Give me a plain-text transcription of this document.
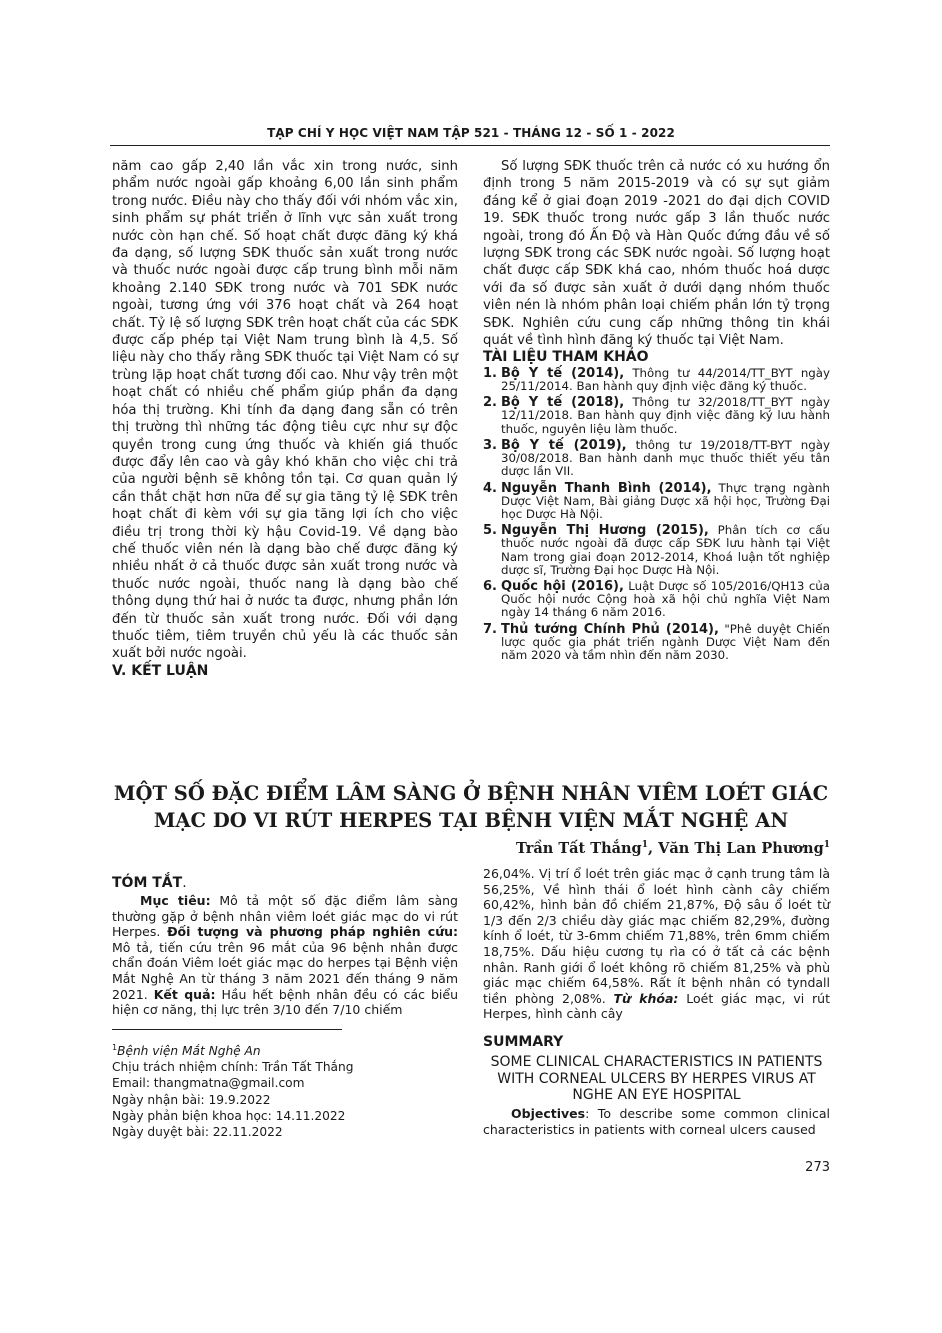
TẠP CHÍ Y HỌC VIỆT NAM TẬP 521 - THÁNG 12 - SỐ 1 - 2022

năm cao gấp 2,40 lần vắc xin trong nước, sinh phẩm nước ngoài gấp khoảng 6,00 lần sinh phẩm trong nước. Điều này cho thấy đối với nhóm vắc xin, sinh phẩm sự phát triển ở lĩnh vực sản xuất trong nước còn hạn chế. Số hoạt chất được đăng ký khá đa dạng, số lượng SĐK thuốc sản xuất trong nước và thuốc nước ngoài được cấp trung bình mỗi năm khoảng 2.140 SĐK trong nước và 701 SĐK nước ngoài, tương ứng với 376 hoạt chất và 264 hoạt chất. Tỷ lệ số lượng SĐK trên hoạt chất của các SĐK được cấp phép tại Việt Nam trung bình là 4,5. Số liệu này cho thấy rằng SĐK thuốc tại Việt Nam có sự trùng lặp hoạt chất tương đối cao. Như vậy trên một hoạt chất có nhiều chế phẩm giúp phần đa dạng hóa thị trường. Khi tính đa dạng đang sẵn có trên thị trường thì những tác động tiêu cực như sự độc quyền trong cung ứng thuốc và khiến giá thuốc được đẩy lên cao và gây khó khăn cho việc chi trả của người bệnh sẽ không tồn tại. Cơ quan quản lý cần thắt chặt hơn nữa để sự gia tăng tỷ lệ SĐK trên hoạt chất đi kèm với sự gia tăng lợi ích cho việc điều trị trong thời kỳ hậu Covid-19. Về dạng bào chế thuốc viên nén là dạng bào chế được đăng ký nhiều nhất ở cả thuốc được sản xuất trong nước và thuốc nước ngoài, thuốc nang là dạng bào chế thông dụng thứ hai ở nước ta được, nhưng phần lớn đến từ thuốc sản xuất trong nước. Đối với dạng thuốc tiêm, tiêm truyền chủ yếu là các thuốc sản xuất bởi nước ngoài.

V. KẾT LUẬN

Số lượng SĐK thuốc trên cả nước có xu hướng ổn định trong 5 năm 2015-2019 và có sự sụt giảm đáng kể ở giai đoạn 2019 -2021 do đại dịch COVID 19. SĐK thuốc trong nước gấp 3 lần thuốc nước ngoài, trong đó Ấn Độ và Hàn Quốc đứng đầu về số lượng SĐK trong các SĐK nước ngoài. Số lượng hoạt chất được cấp SĐK khá cao, nhóm thuốc hoá dược với đa số được sản xuất ở dưới dạng nhóm thuốc viên nén là nhóm phân loại chiếm phần lớn tỷ trọng SĐK. Nghiên cứu cung cấp những thông tin khái quát về tình hình đăng ký thuốc tại Việt Nam.

TÀI LIỆU THAM KHẢO

1. Bộ Y tế (2014), Thông tư 44/2014/TT_BYT ngày 25/11/2014. Ban hành quy định việc đăng ký thuốc.
2. Bộ Y tế (2018), Thông tư 32/2018/TT_BYT ngày 12/11/2018. Ban hành quy định việc đăng ký lưu hành thuốc, nguyên liệu làm thuốc.
3. Bộ Y tế (2019), thông tư 19/2018/TT-BYT ngày 30/08/2018. Ban hành danh mục thuốc thiết yếu tân dược lần VII.
4. Nguyễn Thanh Bình (2014), Thực trạng ngành Dược Việt Nam, Bài giảng Dược xã hội học, Trường Đại học Dược Hà Nội.
5. Nguyễn Thị Hương (2015), Phân tích cơ cấu thuốc nước ngoài đã được cấp SĐK lưu hành tại Việt Nam trong giai đoạn 2012-2014, Khoá luận tốt nghiệp dược sĩ, Trường Đại học Dược Hà Nội.
6. Quốc hội (2016), Luật Dược số 105/2016/QH13 của Quốc hội nước Cộng hoà xã hội chủ nghĩa Việt Nam ngày 14 tháng 6 năm 2016.
7. Thủ tướng Chính Phủ (2014), "Phê duyệt Chiến lược quốc gia phát triển ngành Dược Việt Nam đến năm 2020 và tầm nhìn đến năm 2030.
MỘT SỐ ĐẶC ĐIỂM LÂM SÀNG Ở BỆNH NHÂN VIÊM LOÉT GIÁC MẠC DO VI RÚT HERPES TẠI BỆNH VIỆN MẮT NGHỆ AN
Trần Tất Thắng$^1$, Văn Thị Lan Phương$^1$
TÓM TẮT.

Mục tiêu: Mô tả một số đặc điểm lâm sàng thường gặp ở bệnh nhân viêm loét giác mạc do vi rút Herpes. Đối tượng và phương pháp nghiên cứu: Mô tả, tiến cứu trên 96 mắt của 96 bệnh nhân được chẩn đoán Viêm loét giác mạc do herpes tại Bệnh viện Mắt Nghệ An từ tháng 3 năm 2021 đến tháng 9 năm 2021. Kết quả: Hầu hết bệnh nhân đều có các biểu hiện cơ năng, thị lực trên 3/10 đến 7/10 chiếm

26,04%. Vị trí ổ loét trên giác mạc ở cạnh trung tâm là 56,25%, Về hình thái ổ loét hình cành cây chiếm 60,42%, hình bản đồ chiếm 21,87%, Độ sâu ổ loét từ 1/3 đến 2/3 chiều dày giác mạc chiếm 82,29%, đường kính ổ loét, từ 3-6mm chiếm 71,88%, trên 6mm chiếm 18,75%. Dấu hiệu cương tụ rìa có ở tất cả các bệnh nhân. Ranh giới ổ loét không rõ chiếm 81,25% và phù giác mạc chiếm 64,58%. Rất ít bệnh nhân có tyndall tiền phòng 2,08%. Từ khóa: Loét giác mạc, vi rút Herpes, hình cành cây

$^1$Bệnh viện Mắt Nghệ An
Chịu trách nhiệm chính: Trần Tất Thắng
Email: thangmatna@gmail.com
Ngày nhận bài: 19.9.2022
Ngày phản biện khoa học: 14.11.2022
Ngày duyệt bài: 22.11.2022
SUMMARY
SOME CLINICAL CHARACTERISTICS IN PATIENTS WITH CORNEAL ULCERS BY HERPES VIRUS AT NGHE AN EYE HOSPITAL

Objectives: To describe some common clinical characteristics in patients with corneal ulcers caused

273
